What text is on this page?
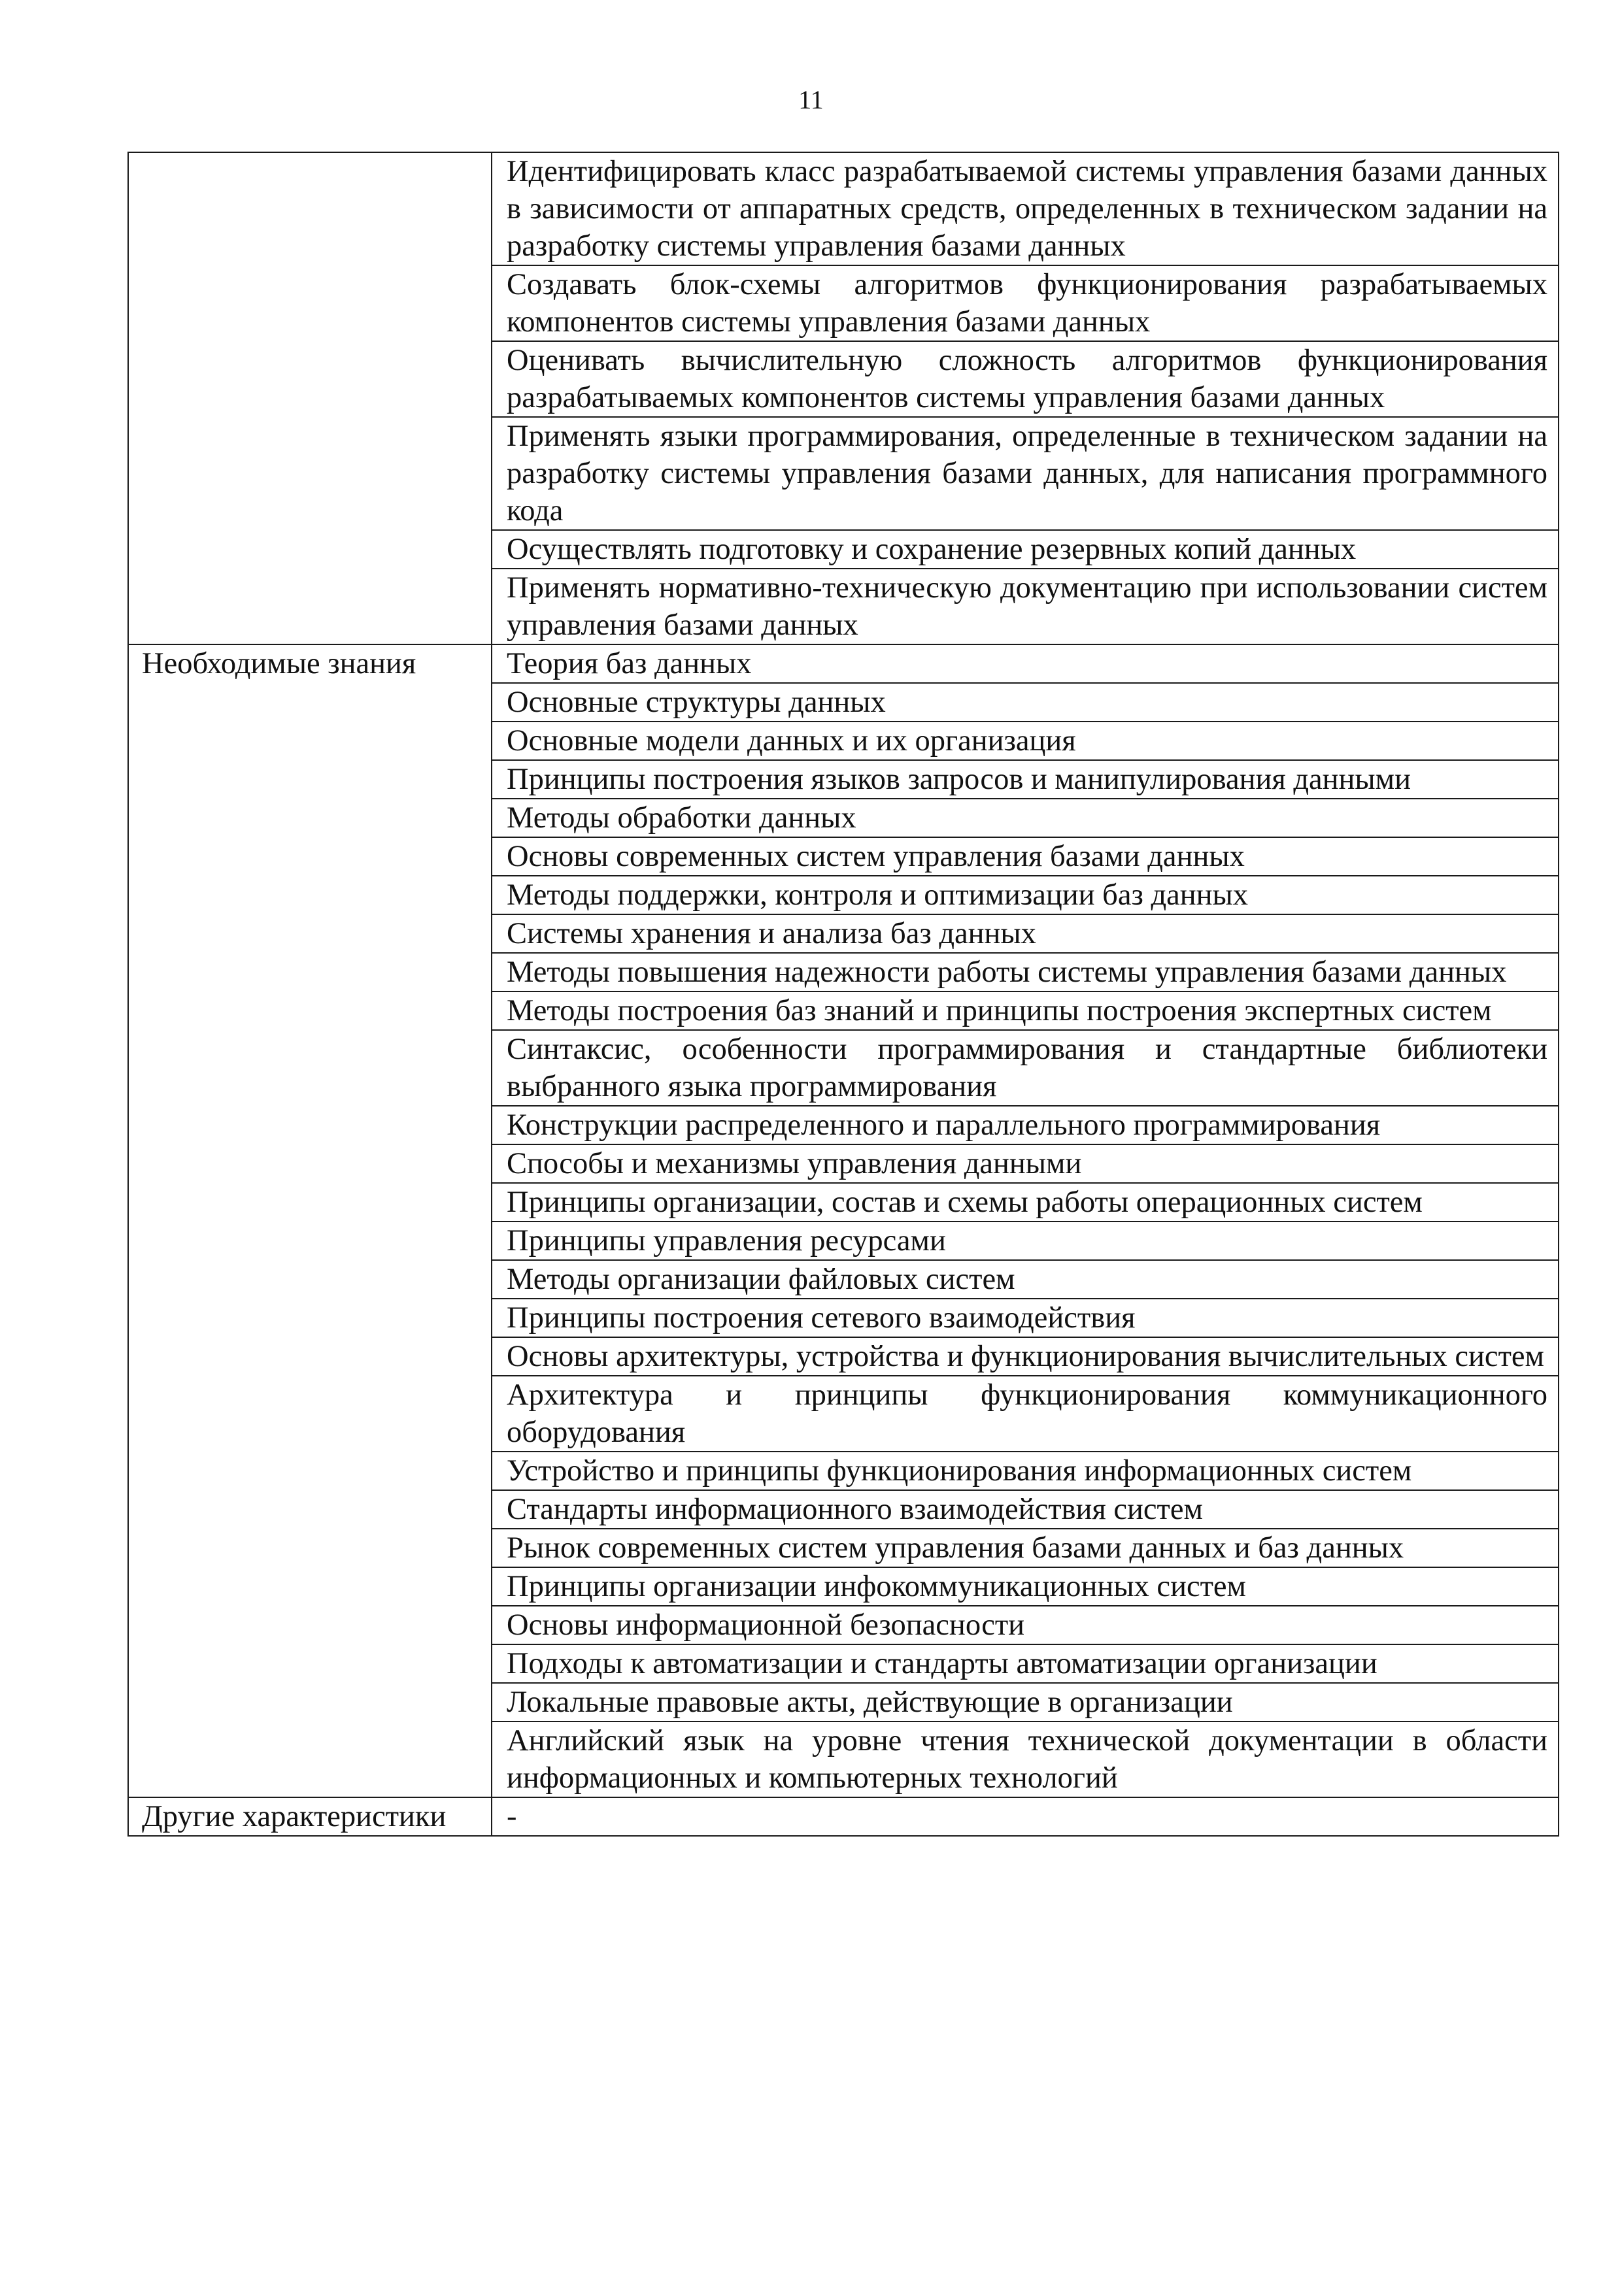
11
	Идентифицировать класс разрабатываемой системы управления базами данных в зависимости от аппаратных средств, определенных в техническом задании на разработку системы управления базами данных
	Создавать блок-схемы алгоритмов функционирования разрабатываемых компонентов системы управления базами данных
	Оценивать вычислительную сложность алгоритмов функционирования разрабатываемых компонентов системы управления базами данных
	Применять языки программирования, определенные в техническом задании на разработку системы управления базами данных, для написания программного кода
	Осуществлять подготовку и сохранение резервных копий данных
	Применять нормативно-техническую документацию при использовании систем управления базами данных
Необходимые знания	Теория баз данных
	Основные структуры данных
	Основные модели данных и их организация
	Принципы построения языков запросов и манипулирования данными
	Методы обработки данных
	Основы современных систем управления базами данных
	Методы поддержки, контроля и оптимизации баз данных
	Системы хранения и анализа баз данных
	Методы повышения надежности работы системы управления базами данных
	Методы построения баз знаний и принципы построения экспертных систем
	Синтаксис, особенности программирования и стандартные библиотеки выбранного языка программирования
	Конструкции распределенного и параллельного программирования
	Способы и механизмы управления данными
	Принципы организации, состав и схемы работы операционных систем
	Принципы управления ресурсами
	Методы организации файловых систем
	Принципы построения сетевого взаимодействия
	Основы архитектуры, устройства и функционирования вычислительных систем
	Архитектура и принципы функционирования коммуникационного оборудования
	Устройство и принципы функционирования информационных систем
	Стандарты информационного взаимодействия систем
	Рынок современных систем управления базами данных и баз данных
	Принципы организации инфокоммуникационных систем
	Основы информационной безопасности
	Подходы к автоматизации и стандарты автоматизации организации
	Локальные правовые акты, действующие в организации
	Английский язык на уровне чтения технической документации в области информационных и компьютерных технологий
Другие характеристики	-
